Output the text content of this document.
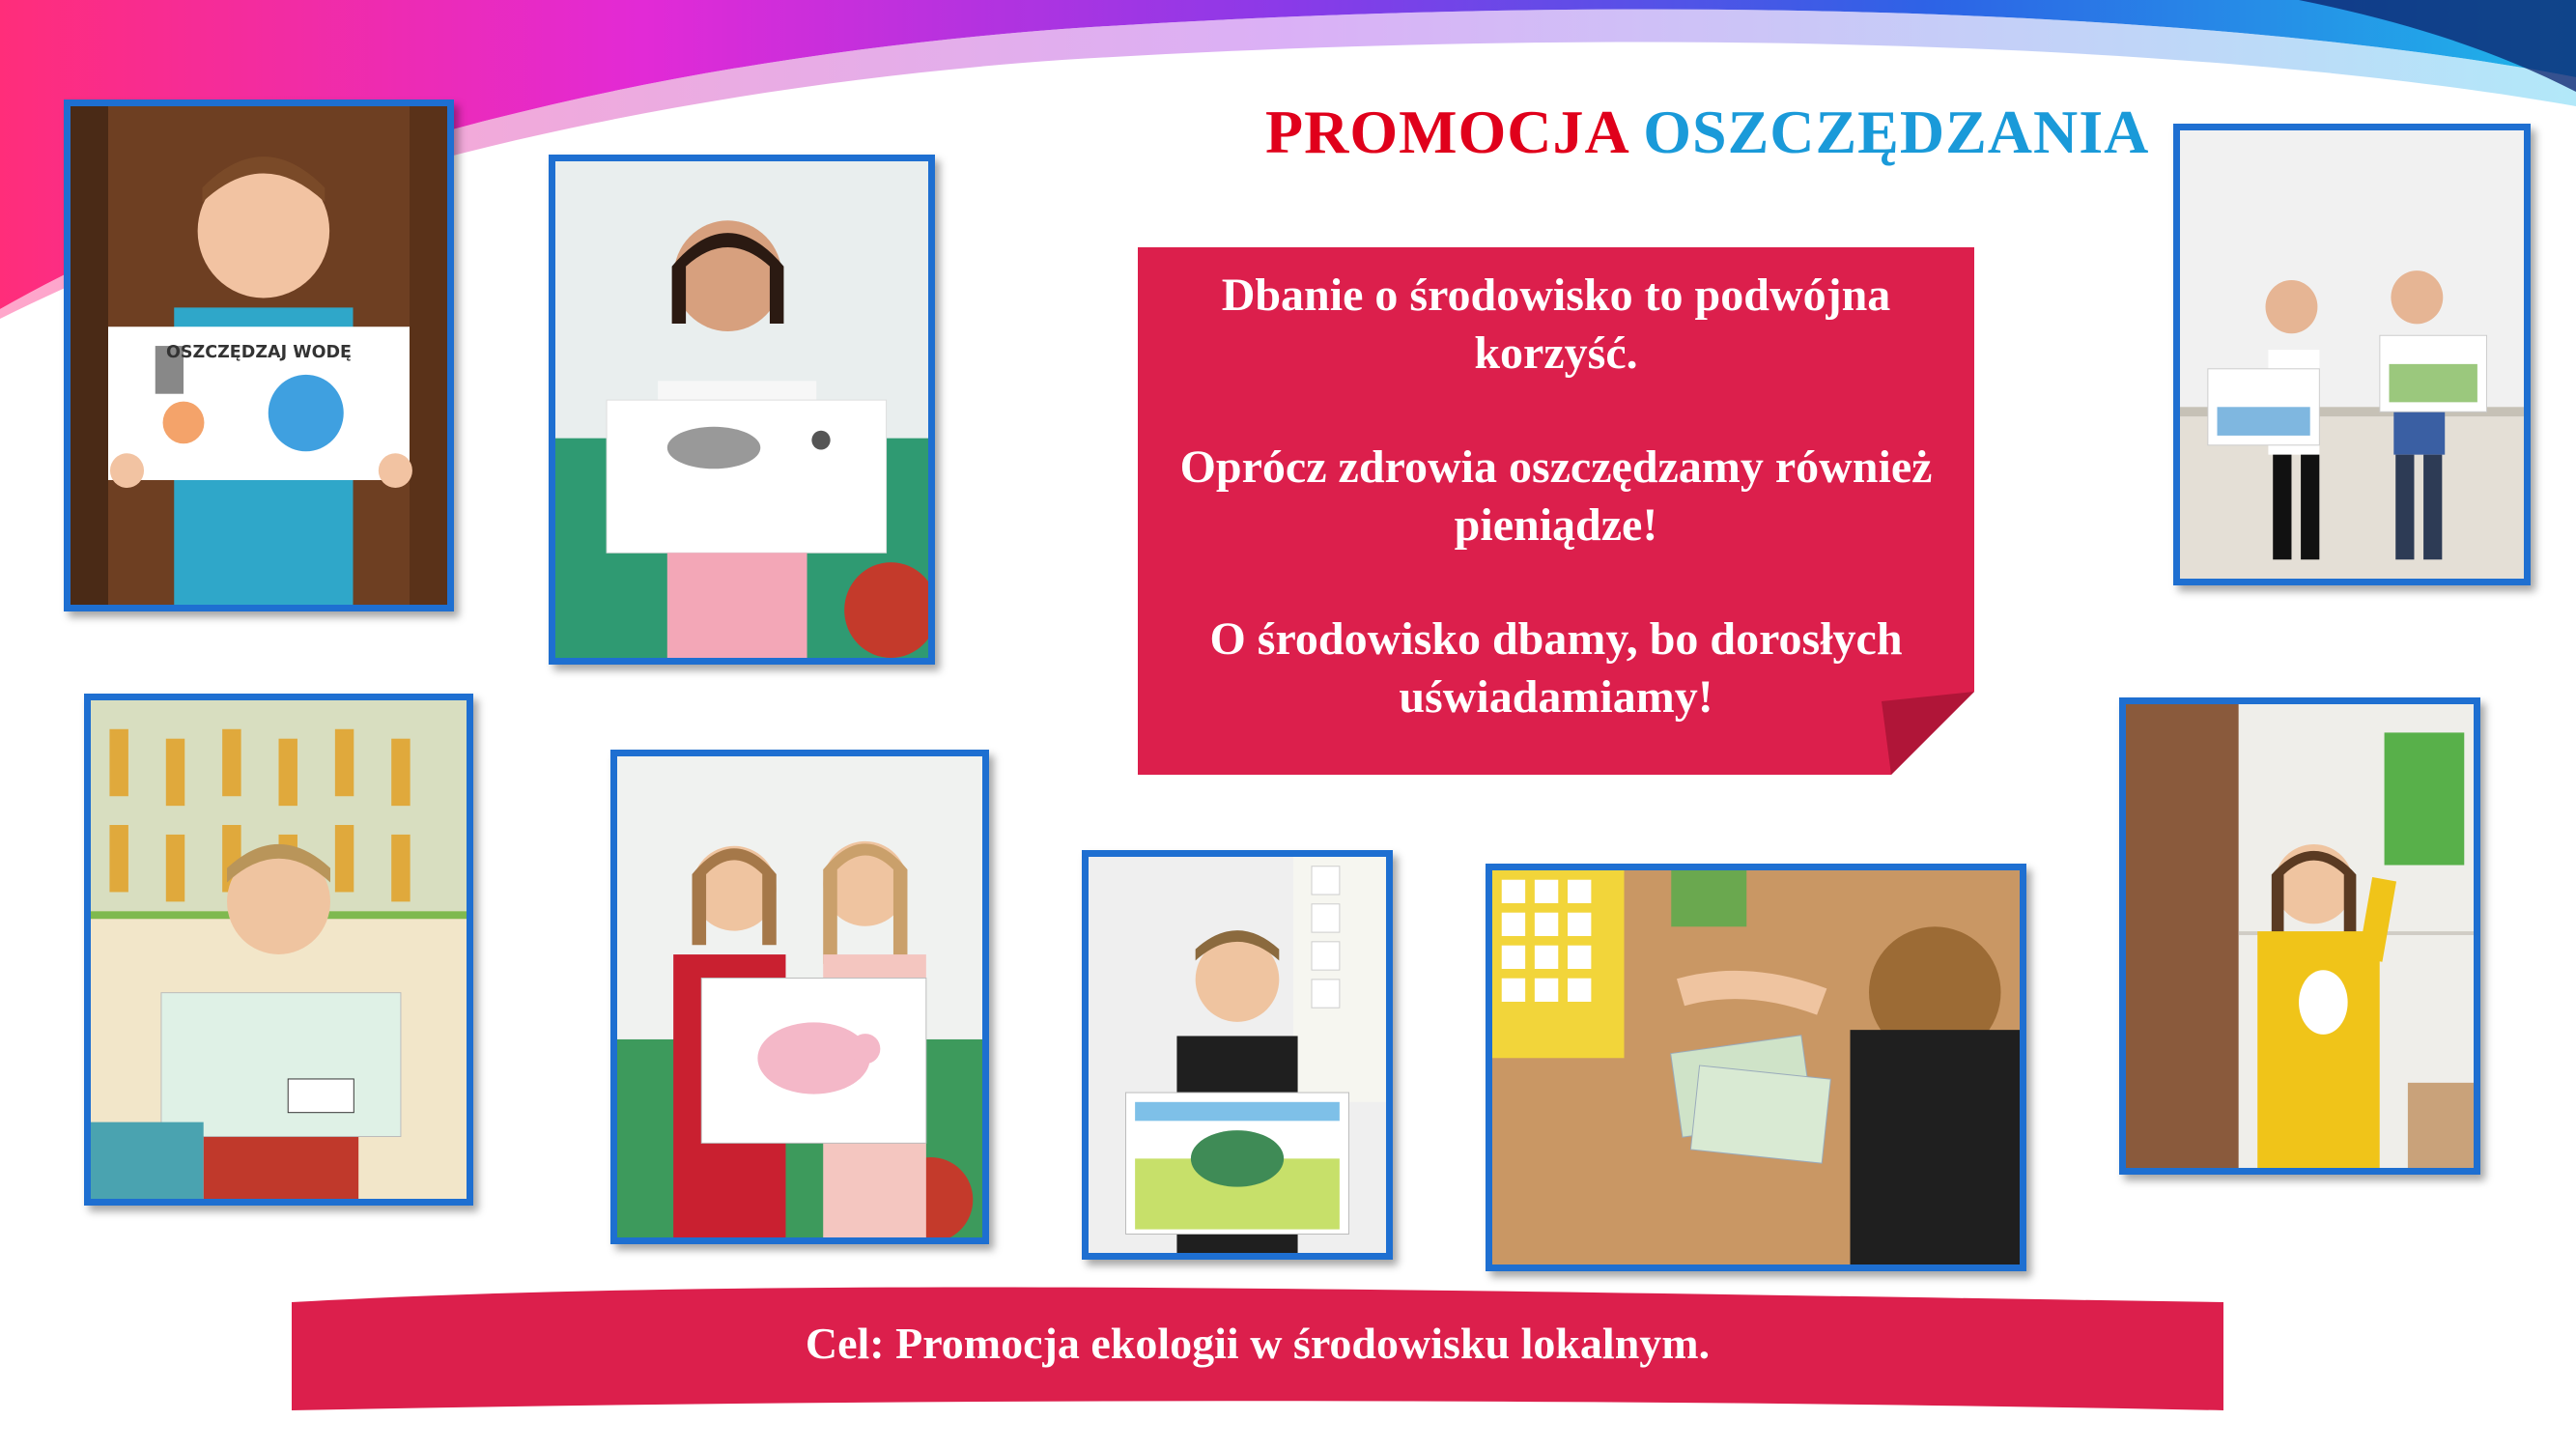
PROMOCJA OSZCZĘDZANIA
OSZCZĘDZAJ WODĘ

Dbanie o środowisko to podwójna korzyść.

Oprócz zdrowia oszczędzamy również pieniądze!

O środowisko dbamy, bo dorosłych uświadamiamy!

Cel: Promocja ekologii w środowisku lokalnym.
